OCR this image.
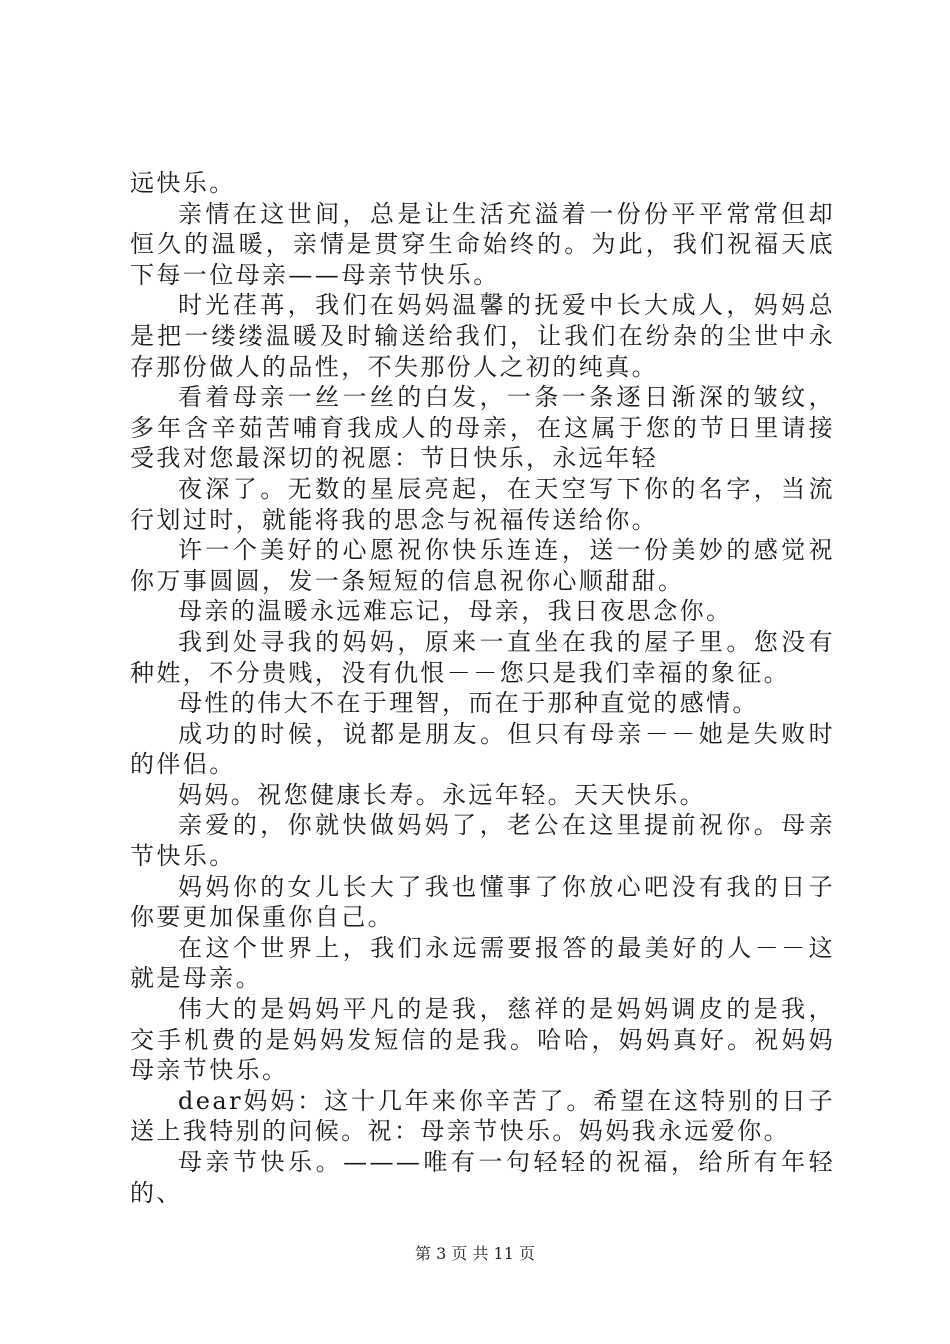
远快乐。

亲情在这世间，总是让生活充溢着一份份平平常常但却恒久的温暖，亲情是贯穿生命始终的。为此，我们祝福天底下每一位母亲——母亲节快乐。

时光荏苒，我们在妈妈温馨的抚爱中长大成人，妈妈总是把一缕缕温暖及时输送给我们，让我们在纷杂的尘世中永存那份做人的品性，不失那份人之初的纯真。

看着母亲一丝一丝的白发，一条一条逐日渐深的皱纹，多年含辛茹苦哺育我成人的母亲，在这属于您的节日里请接受我对您最深切的祝愿：节日快乐，永远年轻

夜深了。无数的星辰亮起，在天空写下你的名字，当流行划过时，就能将我的思念与祝福传送给你。

许一个美好的心愿祝你快乐连连，送一份美妙的感觉祝你万事圆圆，发一条短短的信息祝你心顺甜甜。

母亲的温暖永远难忘记，母亲，我日夜思念你。

我到处寻我的妈妈，原来一直坐在我的屋子里。您没有种姓，不分贵贱，没有仇恨－－您只是我们幸福的象征。

母性的伟大不在于理智，而在于那种直觉的感情。

成功的时候，说都是朋友。但只有母亲－－她是失败时的伴侣。

妈妈。祝您健康长寿。永远年轻。天天快乐。

亲爱的，你就快做妈妈了，老公在这里提前祝你。母亲节快乐。

妈妈你的女儿长大了我也懂事了你放心吧没有我的日子你要更加保重你自己。

在这个世界上，我们永远需要报答的最美好的人－－这就是母亲。

伟大的是妈妈平凡的是我，慈祥的是妈妈调皮的是我，交手机费的是妈妈发短信的是我。哈哈，妈妈真好。祝妈妈母亲节快乐。

dear妈妈：这十几年来你辛苦了。希望在这特别的日子送上我特别的问候。祝：母亲节快乐。妈妈我永远爱你。

母亲节快乐。———唯有一句轻轻的祝福，给所有年轻的、

第 3 页 共 11 页
